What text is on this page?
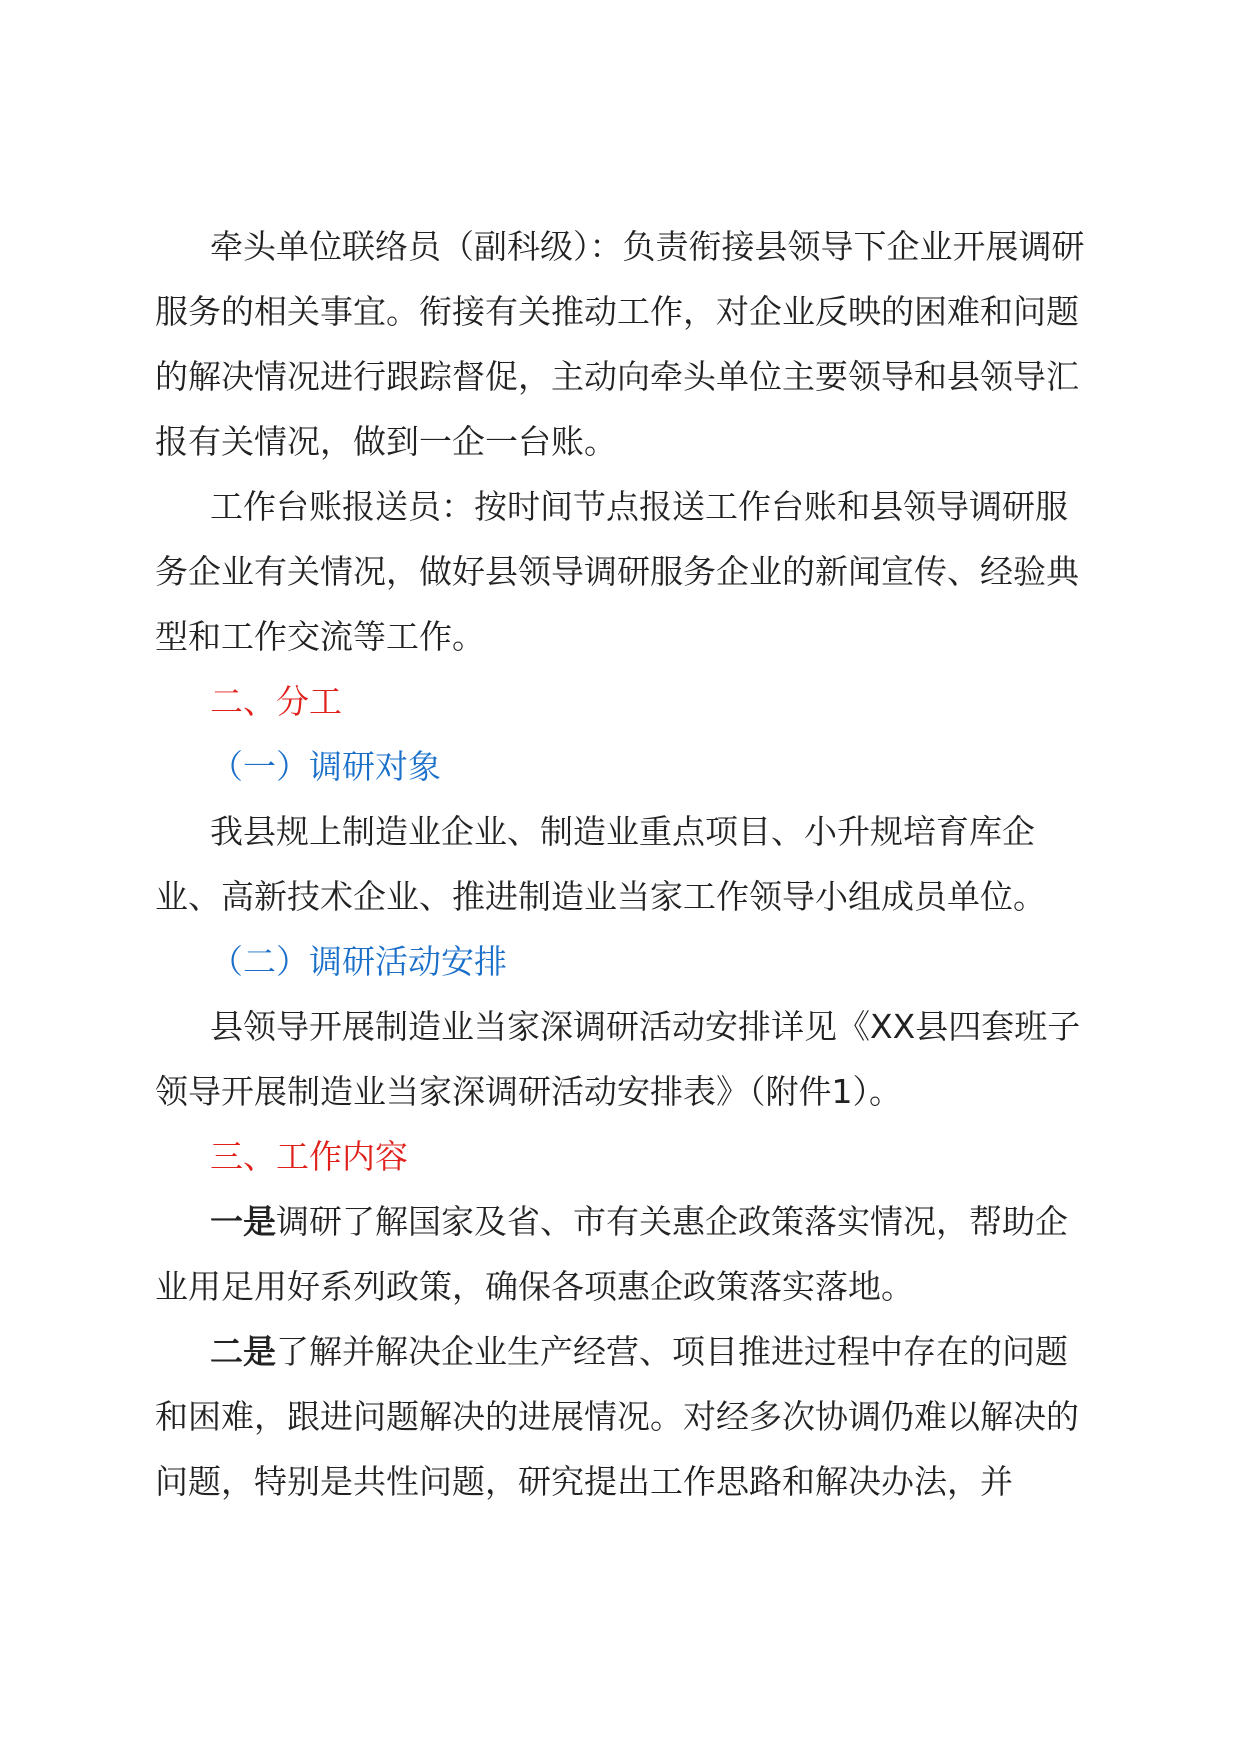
牵头单位联络员（副科级）：负责衔接县领导下企业开展调研服务的相关事宜。衔接有关推动工作，对企业反映的困难和问题的解决情况进行跟踪督促，主动向牵头单位主要领导和县领导汇报有关情况，做到一企一台账。

工作台账报送员：按时间节点报送工作台账和县领导调研服务企业有关情况，做好县领导调研服务企业的新闻宣传、经验典型和工作交流等工作。

二、分工

（一）调研对象

我县规上制造业企业、制造业重点项目、小升规培育库企业、高新技术企业、推进制造业当家工作领导小组成员单位。

（二）调研活动安排

县领导开展制造业当家深调研活动安排详见《XX县四套班子领导开展制造业当家深调研活动安排表》（附件1）。

三、工作内容

一是调研了解国家及省、市有关惠企政策落实情况，帮助企业用足用好系列政策，确保各项惠企政策落实落地。

二是了解并解决企业生产经营、项目推进过程中存在的问题和困难，跟进问题解决的进展情况。对经多次协调仍难以解决的问题，特别是共性问题，研究提出工作思路和解决办法，并
